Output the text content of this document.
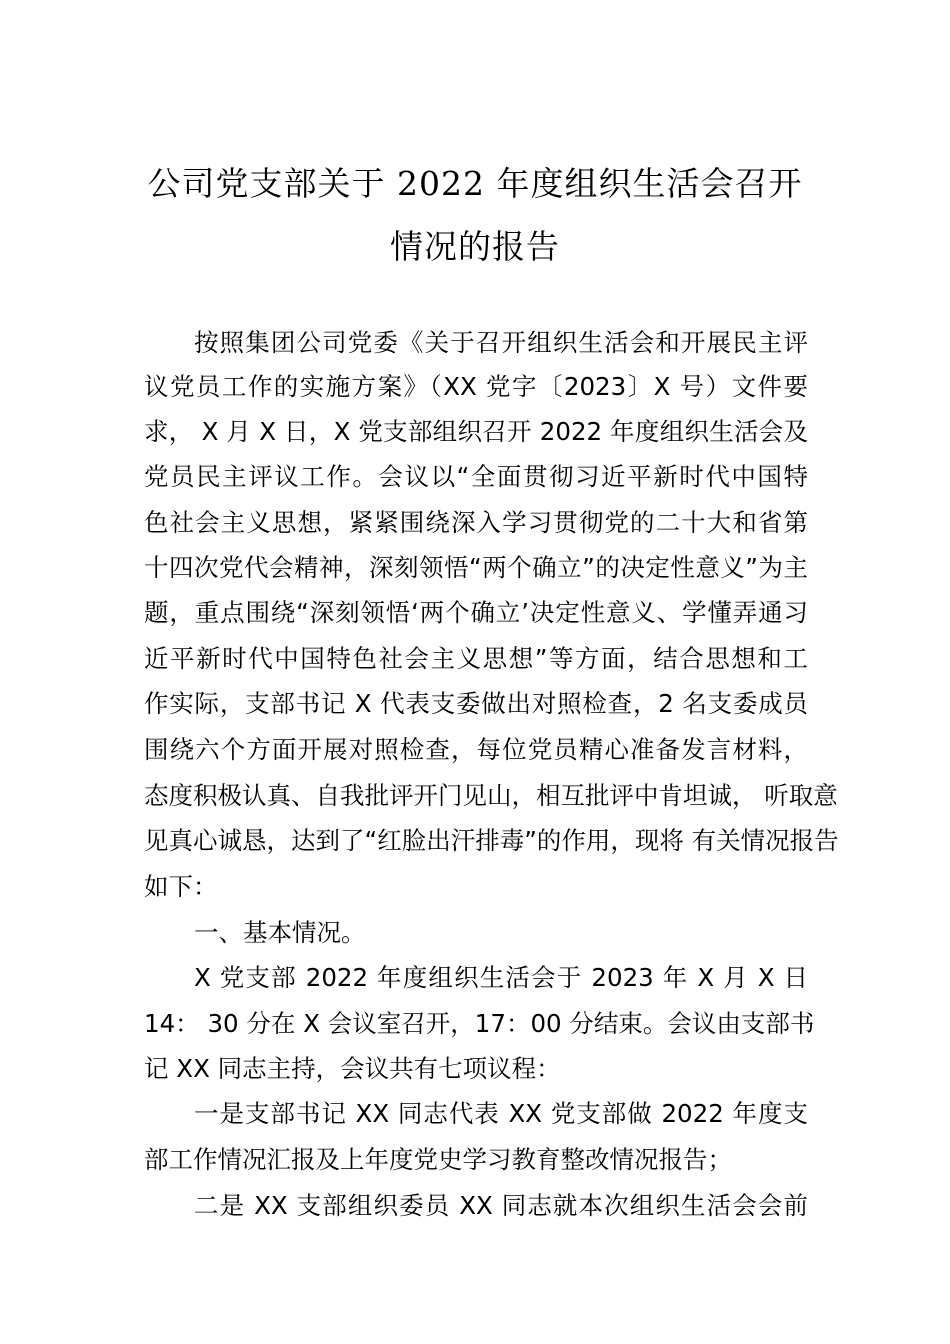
公司党支部关于 2022 年度组织生活会召开
情况的报告
按照集团公司党委《关于召开组织生活会和开展民主评
议党员工作的实施方案》（XX 党字〔2023〕X 号）文件要
求， X 月 X 日，X 党支部组织召开 2022 年度组织生活会及
党员民主评议工作。会议以“全面贯彻习近平新时代中国特
色社会主义思想，紧紧围绕深入学习贯彻党的二十大和省第
十四次党代会精神，深刻领悟“两个确立”的决定性意义”为主
题，重点围绕“深刻领悟‘两个确立’决定性意义、学懂弄通习
近平新时代中国特色社会主义思想”等方面，结合思想和工
作实际，支部书记 X 代表支委做出对照检查，2 名支委成员
围绕六个方面开展对照检查，每位党员精心准备发言材料，
态度积极认真、自我批评开门见山，相互批评中肯坦诚， 听取意
见真心诚恳，达到了“红脸出汗排毒”的作用，现将 有关情况报告
如下：
一、基本情况。
X 党支部 2022 年度组织生活会于 2023 年 X 月 X 日
14： 30 分在 X 会议室召开，17：00 分结束。会议由支部书
记 XX 同志主持，会议共有七项议程：
一是支部书记 XX 同志代表 XX 党支部做 2022 年度支
部工作情况汇报及上年度党史学习教育整改情况报告；
二是 XX 支部组织委员 XX 同志就本次组织生活会会前
